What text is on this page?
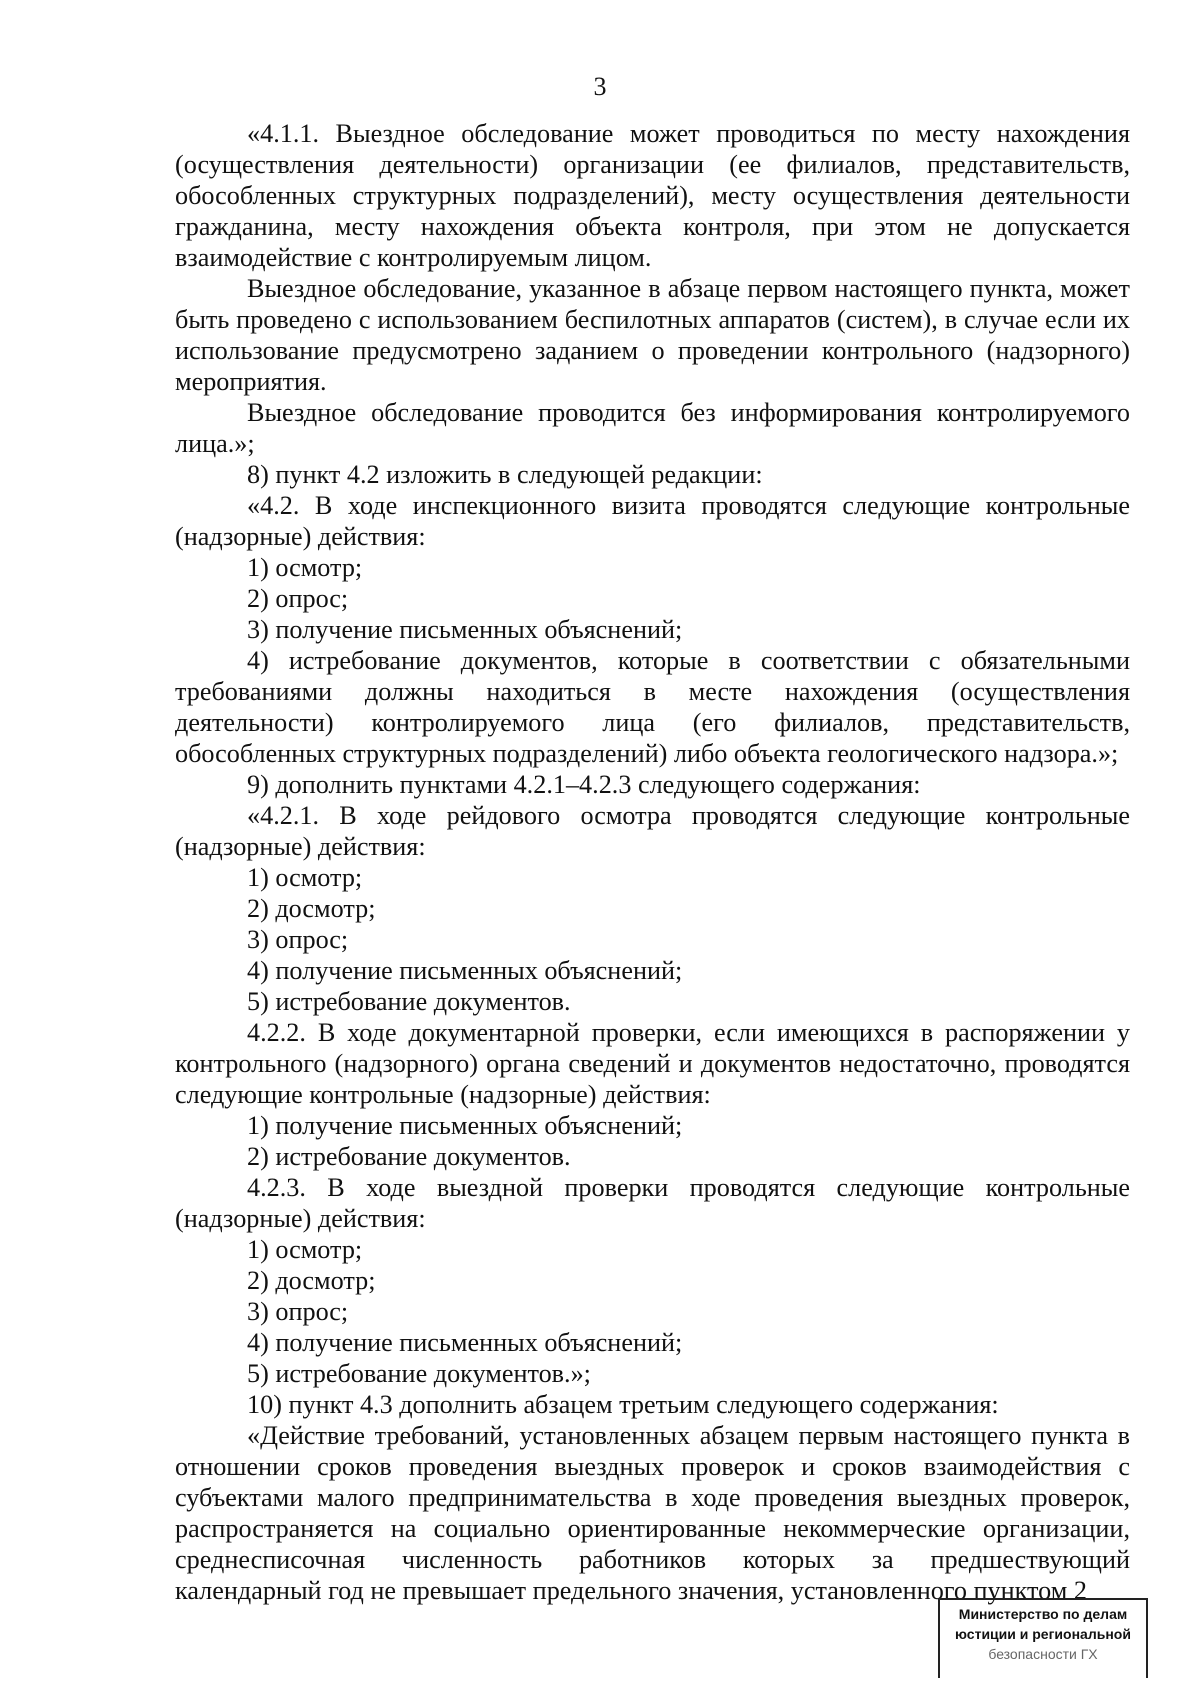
3

«4.1.1. Выездное обследование может проводиться по месту нахождения (осуществления деятельности) организации (ее филиалов, представительств, обособленных структурных подразделений), месту осуществления деятельности гражданина, месту нахождения объекта контроля, при этом не допускается взаимодействие с контролируемым лицом.

Выездное обследование, указанное в абзаце первом настоящего пункта, может быть проведено с использованием беспилотных аппаратов (систем), в случае если их использование предусмотрено заданием о проведении контрольного (надзорного) мероприятия.

Выездное обследование проводится без информирования контролируемого лица.»;

8) пункт 4.2 изложить в следующей редакции:

«4.2. В ходе инспекционного визита проводятся следующие контрольные (надзорные) действия:

1) осмотр;

2) опрос;

3) получение письменных объяснений;

4) истребование документов, которые в соответствии с обязательными требованиями должны находиться в месте нахождения (осуществления деятельности) контролируемого лица (его филиалов, представительств, обособленных структурных подразделений) либо объекта геологического надзора.»;

9) дополнить пунктами 4.2.1–4.2.3 следующего содержания:

«4.2.1. В ходе рейдового осмотра проводятся следующие контрольные (надзорные) действия:

1) осмотр;

2) досмотр;

3) опрос;

4) получение письменных объяснений;

5) истребование документов.

4.2.2. В ходе документарной проверки, если имеющихся в распоряжении у контрольного (надзорного) органа сведений и документов недостаточно, проводятся следующие контрольные (надзорные) действия:

1) получение письменных объяснений;

2) истребование документов.

4.2.3. В ходе выездной проверки проводятся следующие контрольные (надзорные) действия:

1) осмотр;

2) досмотр;

3) опрос;

4) получение письменных объяснений;

5) истребование документов.»;

10) пункт 4.3 дополнить абзацем третьим следующего содержания:

«Действие требований, установленных абзацем первым настоящего пункта в отношении сроков проведения выездных проверок и сроков взаимодействия с субъектами малого предпринимательства в ходе проведения выездных проверок, распространяется на социально ориентированные некоммерческие организации, среднесписочная численность работников которых за предшествующий календарный год не превышает предельного значения, установленного пунктом 2

Министерство по делам
юстиции и региональной
безопасности ГХ
